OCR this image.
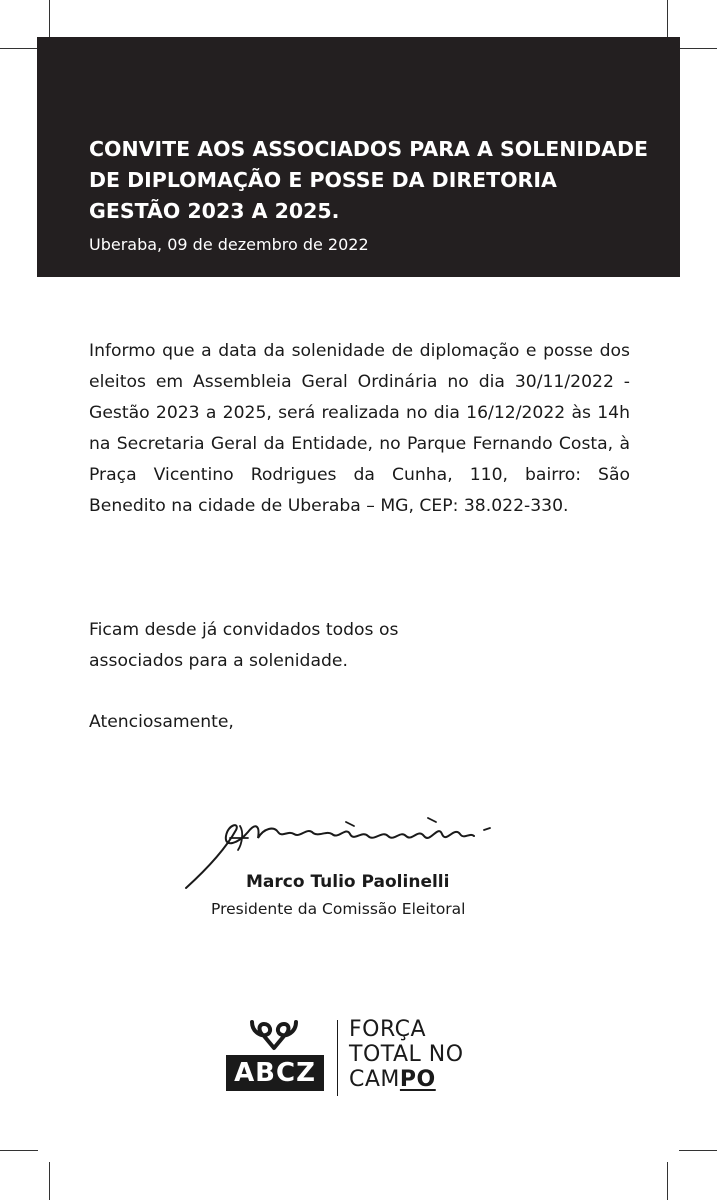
CONVITE AOS ASSOCIADOS PARA A SOLENIDADE DE DIPLOMAÇÃO E POSSE DA DIRETORIA GESTÃO 2023 A 2025.
Uberaba, 09 de dezembro de 2022

Informo que a data da solenidade de diplomação e posse dos eleitos em Assembleia Geral Ordinária no dia 30/11/2022 - Gestão 2023 a 2025, será realizada no dia 16/12/2022 às 14h na Secretaria Geral da Entidade, no Parque Fernando Costa, à Praça Vicentino Rodrigues da Cunha, 110, bairro: São Benedito na cidade de Uberaba – MG, CEP: 38.022-330.

Ficam desde já convidados todos os associados para a solenidade.

Atenciosamente,

Marco Tulio Paolinelli
Presidente da Comissão Eleitoral
ABCZ
FORÇA
TOTAL NO
CAMPO
